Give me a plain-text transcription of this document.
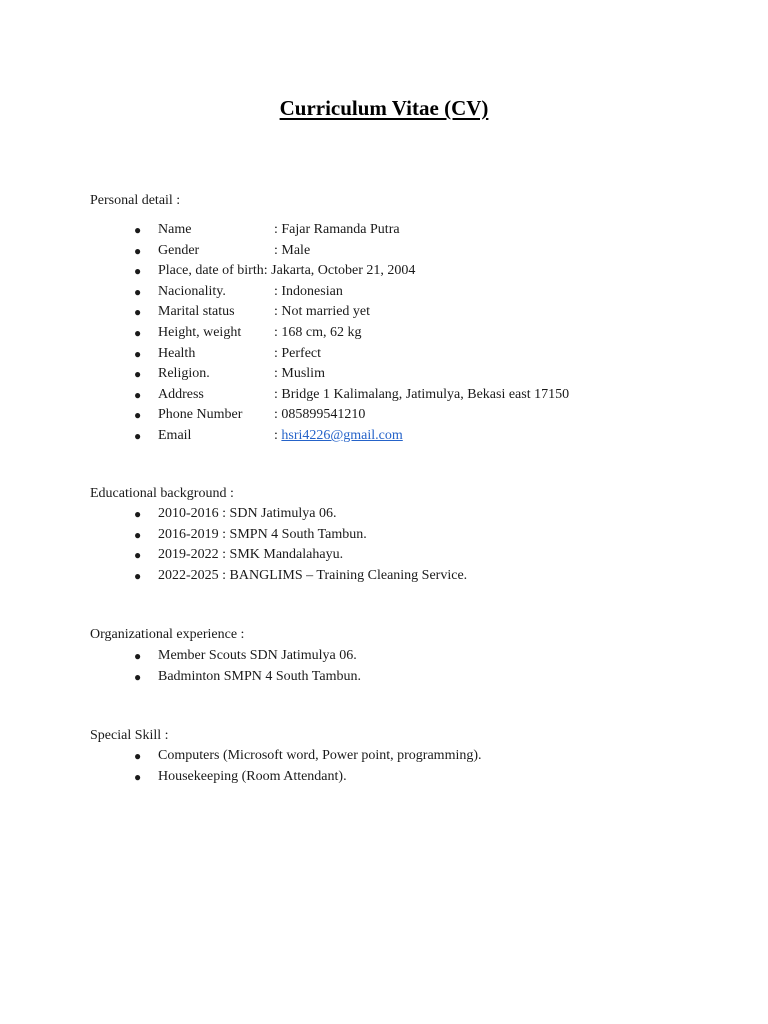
Curriculum Vitae (CV)
Personal detail :
● Name	: Fajar Ramanda Putra
● Gender	: Male
● Place, date of birth: Jakarta, October 21, 2004
● Nacionality.	: Indonesian
● Marital status	: Not married yet
● Height, weight : 168 cm, 62 kg
● Health	: Perfect
● Religion.	: Muslim
● Address	: Bridge 1 Kalimalang, Jatimulya, Bekasi east 17150
● Phone Number : 085899541210
● Email	: hsri4226@gmail.com
Educational background :
● 2010-2016 : SDN Jatimulya 06.
● 2016-2019 : SMPN 4 South Tambun.
● 2019-2022 : SMK Mandalahayu.
● 2022-2025 : BANGLIMS – Training Cleaning Service.
Organizational experience :
● Member Scouts SDN Jatimulya 06.
● Badminton SMPN 4 South Tambun.
Special Skill :
● Computers (Microsoft word, Power point, programming).
● Housekeeping (Room Attendant).
